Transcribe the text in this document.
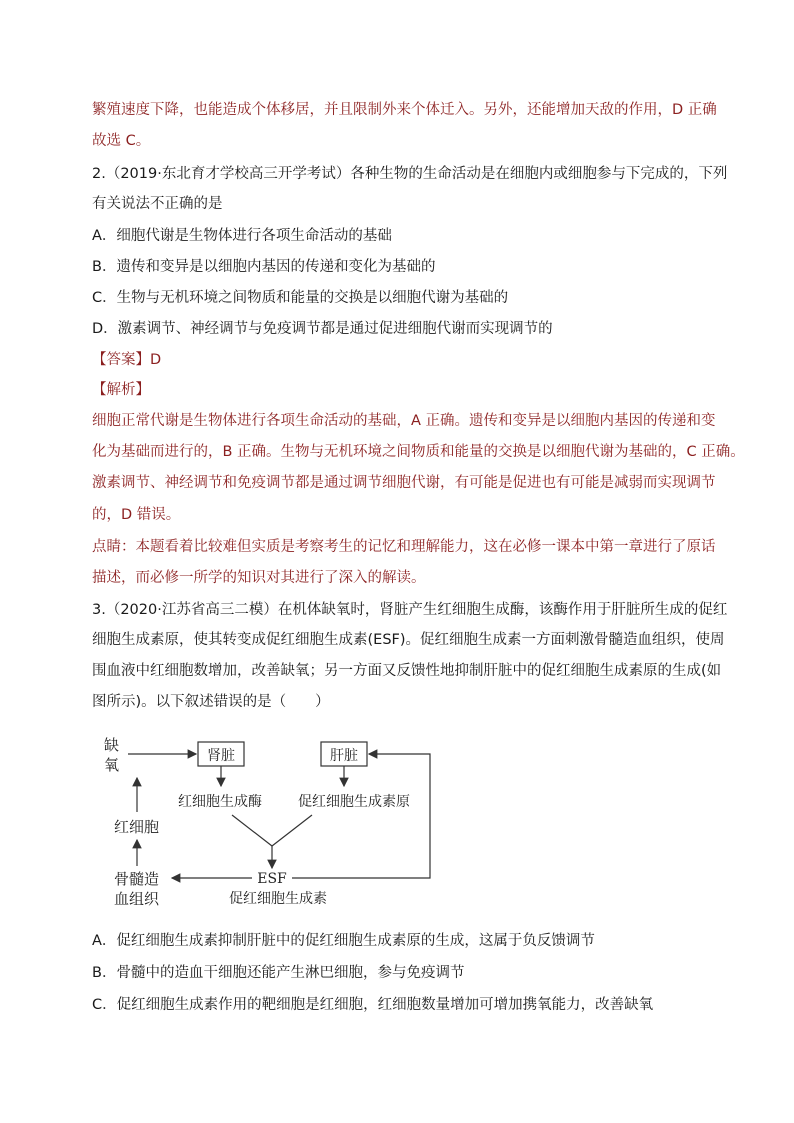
繁殖速度下降，也能造成个体移居，并且限制外来个体迁入。另外，还能增加天敌的作用，D 正确
故选 C。
2.（2019·东北育才学校高三开学考试）各种生物的生命活动是在细胞内或细胞参与下完成的，下列
有关说法不正确的是
A．细胞代谢是生物体进行各项生命活动的基础
B．遗传和变异是以细胞内基因的传递和变化为基础的
C．生物与无机环境之间物质和能量的交换是以细胞代谢为基础的
D．激素调节、神经调节与免疫调节都是通过促进细胞代谢而实现调节的
【答案】D
【解析】
细胞正常代谢是生物体进行各项生命活动的基础，A 正确。遗传和变异是以细胞内基因的传递和变
化为基础而进行的，B 正确。生物与无机环境之间物质和能量的交换是以细胞代谢为基础的，C 正确。
激素调节、神经调节和免疫调节都是通过调节细胞代谢，有可能是促进也有可能是减弱而实现调节
的，D 错误。
点睛：本题看着比较难但实质是考察考生的记忆和理解能力，这在必修一课本中第一章进行了原话
描述，而必修一所学的知识对其进行了深入的解读。
3.（2020·江苏省高三二模）在机体缺氧时，肾脏产生红细胞生成酶，该酶作用于肝脏所生成的促红
细胞生成素原，使其转变成促红细胞生成素(ESF)。促红细胞生成素一方面刺激骨髓造血组织，使周
围血液中红细胞数增加，改善缺氧；另一方面又反馈性地抑制肝脏中的促红细胞生成素原的生成(如
图所示)。以下叙述错误的是（　　）
缺
氧	肾脏	肝脏
红细胞生成酶	促红细胞生成素原
ESF
促红细胞生成素
红细胞
骨髓造
血组织
A．促红细胞生成素抑制肝脏中的促红细胞生成素原的生成，这属于负反馈调节
B．骨髓中的造血干细胞还能产生淋巴细胞，参与免疫调节
C．促红细胞生成素作用的靶细胞是红细胞，红细胞数量增加可增加携氧能力，改善缺氧
